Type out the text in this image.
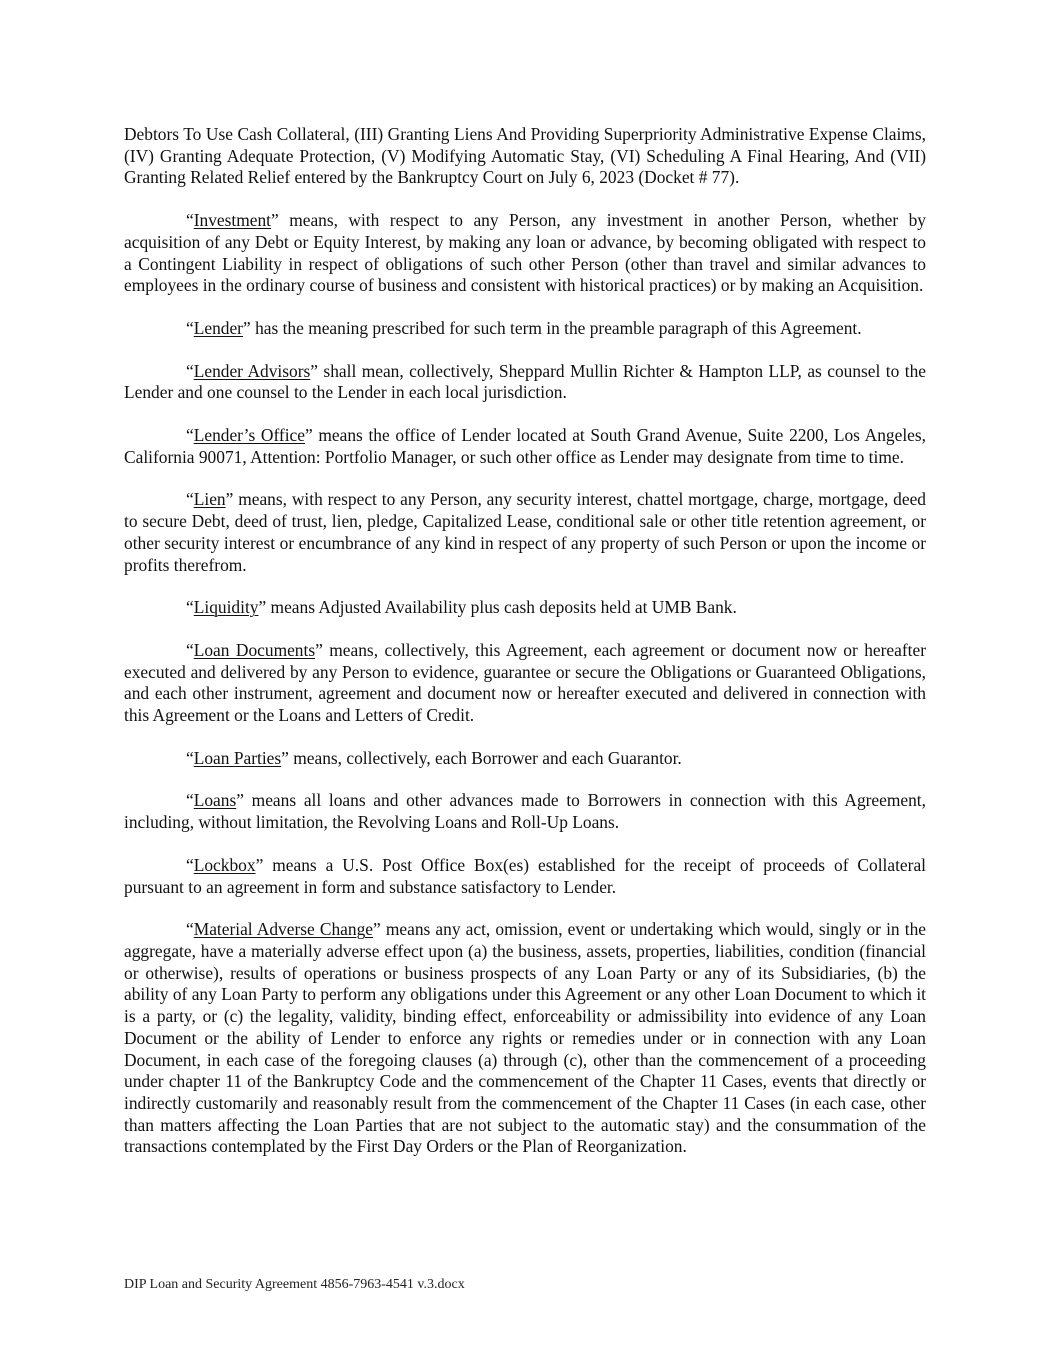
Debtors To Use Cash Collateral, (III) Granting Liens And Providing Superpriority Administrative Expense Claims, (IV) Granting Adequate Protection, (V) Modifying Automatic Stay, (VI) Scheduling A Final Hearing, And (VII) Granting Related Relief entered by the Bankruptcy Court on July 6, 2023 (Docket # 77).

“Investment” means, with respect to any Person, any investment in another Person, whether by acquisition of any Debt or Equity Interest, by making any loan or advance, by becoming obligated with respect to a Contingent Liability in respect of obligations of such other Person (other than travel and similar advances to employees in the ordinary course of business and consistent with historical practices) or by making an Acquisition.

“Lender” has the meaning prescribed for such term in the preamble paragraph of this Agreement.

“Lender Advisors” shall mean, collectively, Sheppard Mullin Richter & Hampton LLP, as counsel to the Lender and one counsel to the Lender in each local jurisdiction.

“Lender’s Office” means the office of Lender located at South Grand Avenue, Suite 2200, Los Angeles, California 90071, Attention: Portfolio Manager, or such other office as Lender may designate from time to time.

“Lien” means, with respect to any Person, any security interest, chattel mortgage, charge, mortgage, deed to secure Debt, deed of trust, lien, pledge, Capitalized Lease, conditional sale or other title retention agreement, or other security interest or encumbrance of any kind in respect of any property of such Person or upon the income or profits therefrom.

“Liquidity” means Adjusted Availability plus cash deposits held at UMB Bank.

“Loan Documents” means, collectively, this Agreement, each agreement or document now or hereafter executed and delivered by any Person to evidence, guarantee or secure the Obligations or Guaranteed Obligations, and each other instrument, agreement and document now or hereafter executed and delivered in connection with this Agreement or the Loans and Letters of Credit.

“Loan Parties” means, collectively, each Borrower and each Guarantor.

“Loans” means all loans and other advances made to Borrowers in connection with this Agreement, including, without limitation, the Revolving Loans and Roll-Up Loans.

“Lockbox” means a U.S. Post Office Box(es) established for the receipt of proceeds of Collateral pursuant to an agreement in form and substance satisfactory to Lender.

“Material Adverse Change” means any act, omission, event or undertaking which would, singly or in the aggregate, have a materially adverse effect upon (a) the business, assets, properties, liabilities, condition (financial or otherwise), results of operations or business prospects of any Loan Party or any of its Subsidiaries, (b) the ability of any Loan Party to perform any obligations under this Agreement or any other Loan Document to which it is a party, or (c) the legality, validity, binding effect, enforceability or admissibility into evidence of any Loan Document or the ability of Lender to enforce any rights or remedies under or in connection with any Loan Document, in each case of the foregoing clauses (a) through (c), other than the commencement of a proceeding under chapter 11 of the Bankruptcy Code and the commencement of the Chapter 11 Cases, events that directly or indirectly customarily and reasonably result from the commencement of the Chapter 11 Cases (in each case, other than matters affecting the Loan Parties that are not subject to the automatic stay) and the consummation of the transactions contemplated by the First Day Orders or the Plan of Reorganization.

DIP Loan and Security Agreement 4856-7963-4541 v.3.docx
